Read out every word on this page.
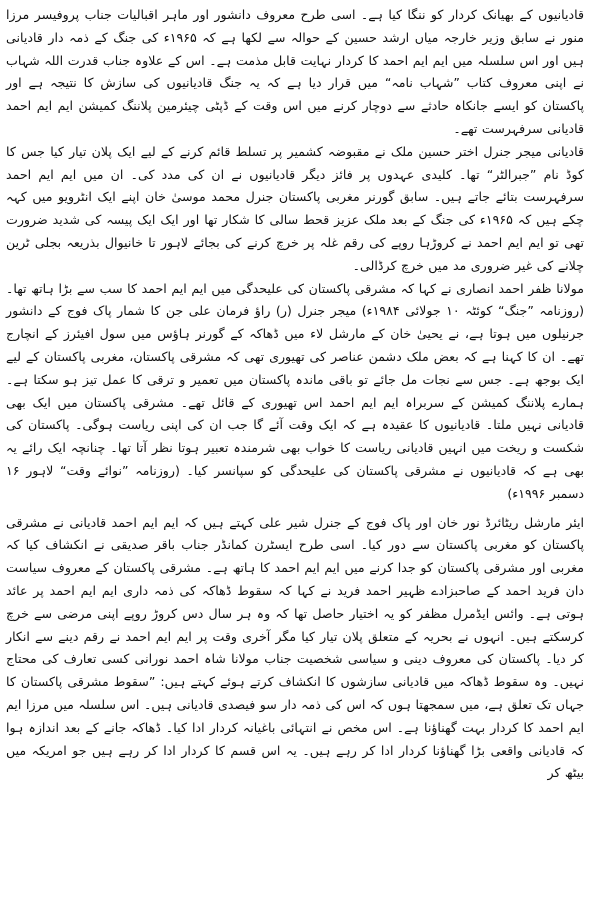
قادیانیوں کے بھیانک کردار کو ننگا کیا ہے۔ اسی طرح معروف دانشور اور ماہر اقبالیات جناب پروفیسر مرزا منور نے سابق وزیر خارجہ میاں ارشد حسین کے حوالہ سے لکھا ہے کہ ۱۹۶۵ء کی جنگ کے ذمہ دار قادیانی ہیں اور اس سلسلہ میں ایم ایم احمد کا کردار نہایت قابل مذمت ہے۔ اس کے علاوہ جناب قدرت اللہ شہاب نے اپنی معروف کتاب ”شہاب نامہ“ میں قرار دیا ہے کہ یہ جنگ قادیانیوں کی سازش کا نتیجہ ہے اور پاکستان کو ایسے جانکاہ حادثے سے دوچار کرنے میں اس وقت کے ڈپٹی چیئرمین پلاننگ کمیشن ایم ایم احمد قادیانی سرفہرست تھے۔

قادیانی میجر جنرل اختر حسین ملک نے مقبوضہ کشمیر پر تسلط قائم کرنے کے لیے ایک پلان تیار کیا جس کا کوڈ نام ”جبرالٹر“ تھا۔ کلیدی عہدوں پر فائز دیگر قادیانیوں نے ان کی مدد کی۔ ان میں ایم ایم احمد سرفہرست بتائے جاتے ہیں۔ سابق گورنر مغربی پاکستان جنرل محمد موسیٰ خان اپنے ایک انٹرویو میں کہہ چکے ہیں کہ ۱۹۶۵ء کی جنگ کے بعد ملک عزیز قحط سالی کا شکار تھا اور ایک ایک پیسہ کی شدید ضرورت تھی تو ایم ایم احمد نے کروڑہا روپے کی رقم غلہ پر خرچ کرنے کی بجائے لاہور تا خانیوال بذریعہ بجلی ٹرین چلانے کی غیر ضروری مد میں خرچ کرڈالی۔

مولانا ظفر احمد انصاری نے کہا کہ مشرقی پاکستان کی علیحدگی میں ایم ایم احمد کا سب سے بڑا ہاتھ تھا۔ (روزنامہ ”جنگ“ کوئٹہ ۱۰ جولائی ۱۹۸۴ء) میجر جنرل (ر) راؤ فرمان علی جن کا شمار پاک فوج کے دانشور جرنیلوں میں ہوتا ہے، نے یحییٰ خان کے مارشل لاء میں ڈھاکہ کے گورنر ہاؤس میں سول افیئرز کے انچارج تھے۔ ان کا کہنا ہے کہ بعض ملک دشمن عناصر کی تھیوری تھی کہ مشرقی پاکستان، مغربی پاکستان کے لیے ایک بوجھ ہے۔ جس سے نجات مل جائے تو باقی ماندہ پاکستان میں تعمیر و ترقی کا عمل تیز ہو سکتا ہے۔ ہمارے پلاننگ کمیشن کے سربراہ ایم ایم احمد اس تھیوری کے قائل تھے۔ مشرقی پاکستان میں ایک بھی قادیانی نہیں ملتا۔ قادیانیوں کا عقیدہ ہے کہ ایک وقت آئے گا جب ان کی اپنی ریاست ہوگی۔ پاکستان کی شکست و ریخت میں انہیں قادیانی ریاست کا خواب بھی شرمندہ تعبیر ہوتا نظر آتا تھا۔ چنانچہ ایک رائے یہ بھی ہے کہ قادیانیوں نے مشرقی پاکستان کی علیحدگی کو سپانسر کیا۔ (روزنامہ ”نوائے وقت“ لاہور ۱۶ دسمبر ۱۹۹۶ء)

ایئر مارشل ریٹائرڈ نور خان اور پاک فوج کے جنرل شیر علی کہتے ہیں کہ ایم ایم احمد قادیانی نے مشرقی پاکستان کو مغربی پاکستان سے دور کیا۔ اسی طرح ایسٹرن کمانڈر جناب باقر صدیقی نے انکشاف کیا کہ مغربی اور مشرقی پاکستان کو جدا کرنے میں ایم ایم احمد کا ہاتھ ہے۔ مشرقی پاکستان کے معروف سیاست دان فرید احمد کے صاحبزادے ظہیر احمد فرید نے کہا کہ سقوط ڈھاکہ کی ذمہ داری ایم ایم احمد پر عائد ہوتی ہے۔ وائس ایڈمرل مظفر کو یہ اختیار حاصل تھا کہ وہ ہر سال دس کروڑ روپے اپنی مرضی سے خرچ کرسکتے ہیں۔ انہوں نے بحریہ کے متعلق پلان تیار کیا مگر آخری وقت پر ایم ایم احمد نے رقم دینے سے انکار کر دیا۔ پاکستان کی معروف دینی و سیاسی شخصیت جناب مولانا شاہ احمد نورانی کسی تعارف کی محتاج نہیں۔ وہ سقوط ڈھاکہ میں قادیانی سازشوں کا انکشاف کرتے ہوئے کہتے ہیں: ”سقوط مشرقی پاکستان کا جہاں تک تعلق ہے، میں سمجھتا ہوں کہ اس کی ذمہ دار سو فیصدی قادیانی ہیں۔ اس سلسلہ میں مرزا ایم ایم احمد کا کردار بہت گھناؤنا ہے۔ اس مخص نے انتہائی باغیانہ کردار ادا کیا۔ ڈھاکہ جانے کے بعد اندازہ ہوا کہ قادیانی واقعی بڑا گھناؤنا کردار ادا کر رہے ہیں۔ یہ اس قسم کا کردار ادا کر رہے ہیں جو امریکہ میں بیٹھ کر
